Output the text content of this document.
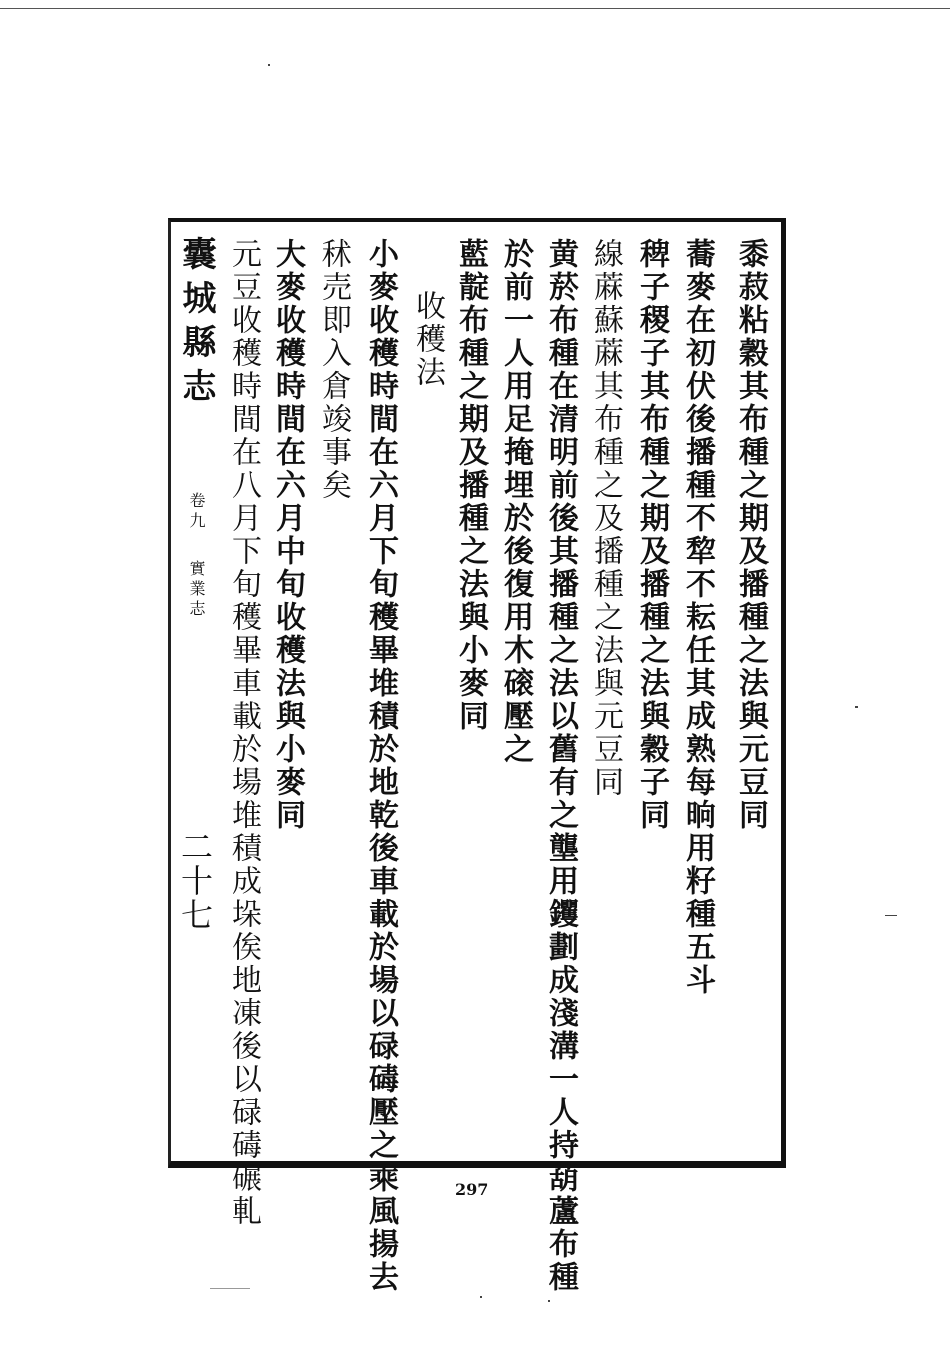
囊城縣志
卷九
實業志
二十七
黍菽粘穀其布種之期及播種之法與元豆同
蕎麥在初伏後播種不犂不耘任其成熟每晌用籽種五斗
稗子稷子其布種之期及播種之法與穀子同
線蔴蘇蔴其布種之及播種之法與元豆同
黄菸布種在清明前後其播種之法以舊有之壟用钁劃成淺溝一人持葫蘆布種
於前一人用足掩埋於後復用木磙壓之
藍靛布種之期及播種之法與小麥同
收穫法
小麥收穫時間在六月下旬穫畢堆積於地乾後車載於場以碌碡壓之乘風揚去
秫売即入倉竣事矣
大麥收穫時間在六月中旬收穫法與小麥同
元豆收穫時間在八月下旬穫畢車載於場堆積成垛俟地凍後以碌碡碾軋	297
